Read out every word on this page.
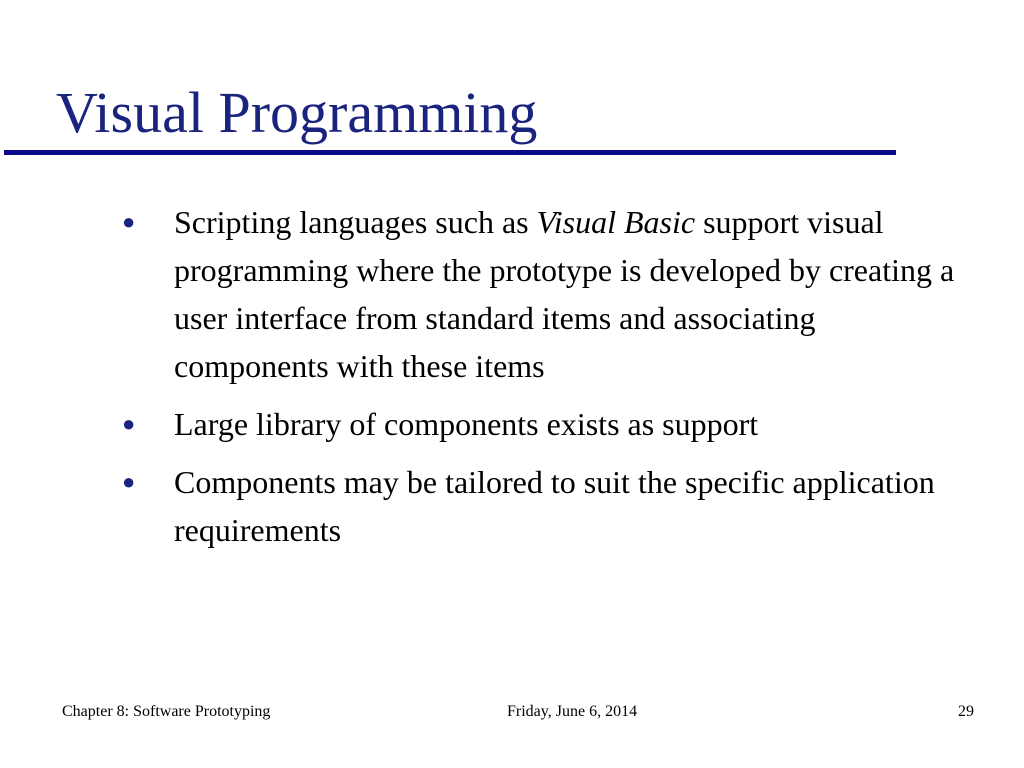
Visual Programming
● Scripting languages such as Visual Basic support visual programming where the prototype is developed by creating a user interface from standard items and associating components with these items
● Large library of components exists as support
● Components may be tailored to suit the specific application requirements
Chapter 8: Software Prototyping	Friday, June 6, 2014	29
